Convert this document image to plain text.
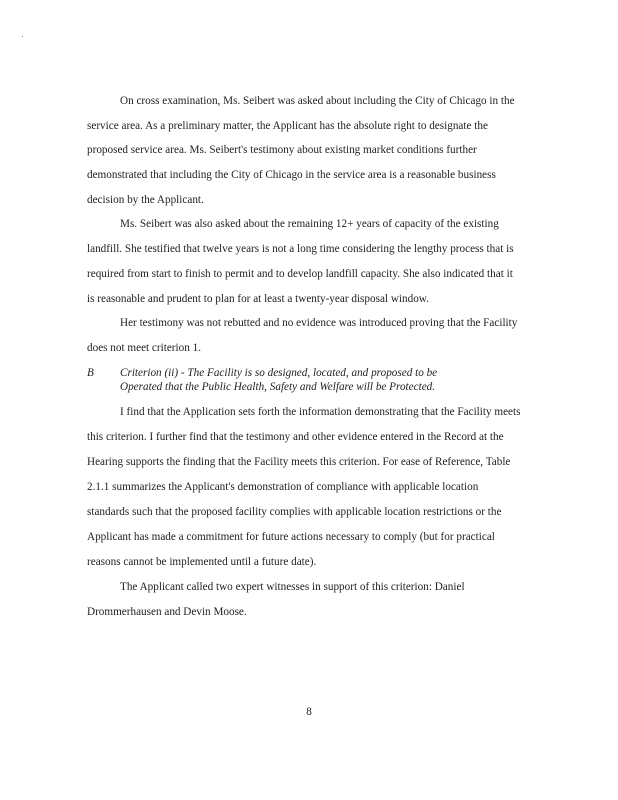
On cross examination, Ms. Seibert was asked about including the City of Chicago in the
service area. As a preliminary matter, the Applicant has the absolute right to designate the
proposed service area. Ms. Seibert's testimony about existing market conditions further
demonstrated that including the City of Chicago in the service area is a reasonable business
decision by the Applicant.
Ms. Seibert was also asked about the remaining 12+ years of capacity of the existing
landfill. She testified that twelve years is not a long time considering the lengthy process that is
required from start to finish to permit and to develop landfill capacity. She also indicated that it
is reasonable and prudent to plan for at least a twenty-year disposal window.
Her testimony was not rebutted and no evidence was introduced proving that the Facility
does not meet criterion 1.
B Criterion (ii) - The Facility is so designed, located, and proposed to be
Operated that the Public Health, Safety and Welfare will be Protected.
I find that the Application sets forth the information demonstrating that the Facility meets
this criterion. I further find that the testimony and other evidence entered in the Record at the
Hearing supports the finding that the Facility meets this criterion. For ease of Reference, Table
2.1.1 summarizes the Applicant's demonstration of compliance with applicable location
standards such that the proposed facility complies with applicable location restrictions or the
Applicant has made a commitment for future actions necessary to comply (but for practical
reasons cannot be implemented until a future date).
The Applicant called two expert witnesses in support of this criterion: Daniel
Drommerhausen and Devin Moose.
8
